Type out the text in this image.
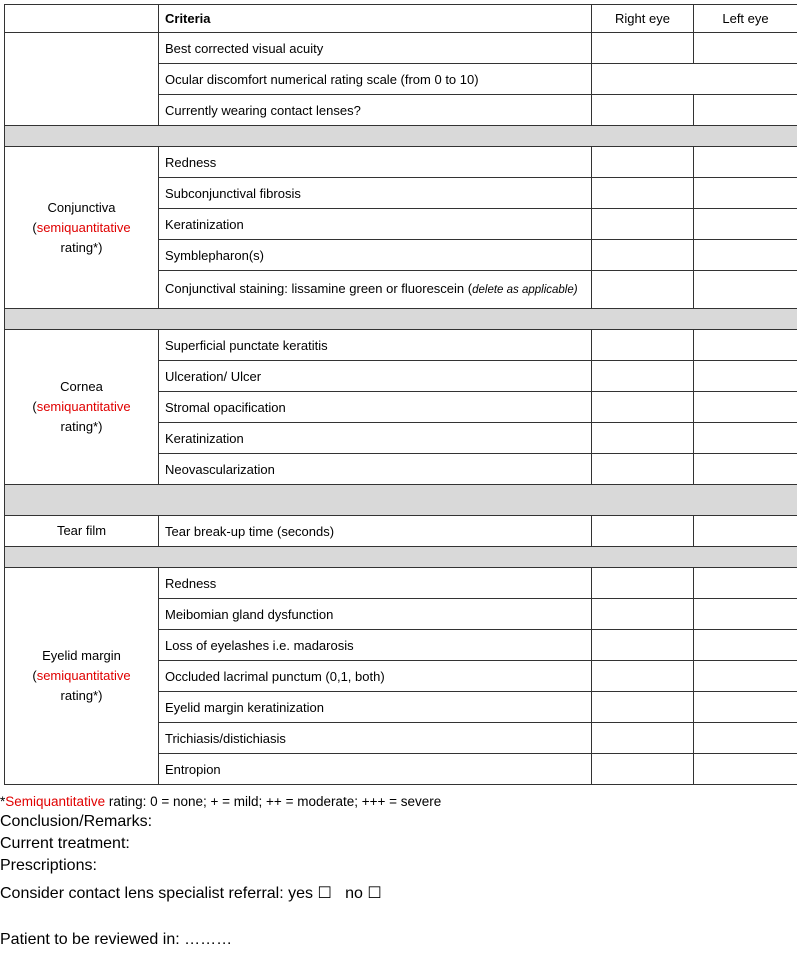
	Criteria	Right eye	Left eye
	Best corrected visual acuity		
	Ocular discomfort numerical rating scale (from 0 to 10)		
	Currently wearing contact lenses?		

Conjunctiva
(semiquantitative
rating*)	Redness		
	Subconjunctival fibrosis		
	Keratinization		
	Symblepharon(s)		
	Conjunctival staining: lissamine green or fluorescein (delete as applicable)		

Cornea
(semiquantitative
rating*)	Superficial punctate keratitis		
	Ulceration/ Ulcer		
	Stromal opacification		
	Keratinization		
	Neovascularization		

Tear film	Tear break-up time (seconds)		

Eyelid margin
(semiquantitative
rating*)	Redness		
	Meibomian gland dysfunction		
	Loss of eyelashes i.e. madarosis		
	Occluded lacrimal punctum (0,1, both)		
	Eyelid margin keratinization		
	Trichiasis/distichiasis		
	Entropion		
*Semiquantitative rating: 0 = none; + = mild; ++ = moderate; +++ = severe
Conclusion/Remarks:
Current treatment:
Prescriptions:
Consider contact lens specialist referral: yes ☐   no ☐
Patient to be reviewed in: ………
